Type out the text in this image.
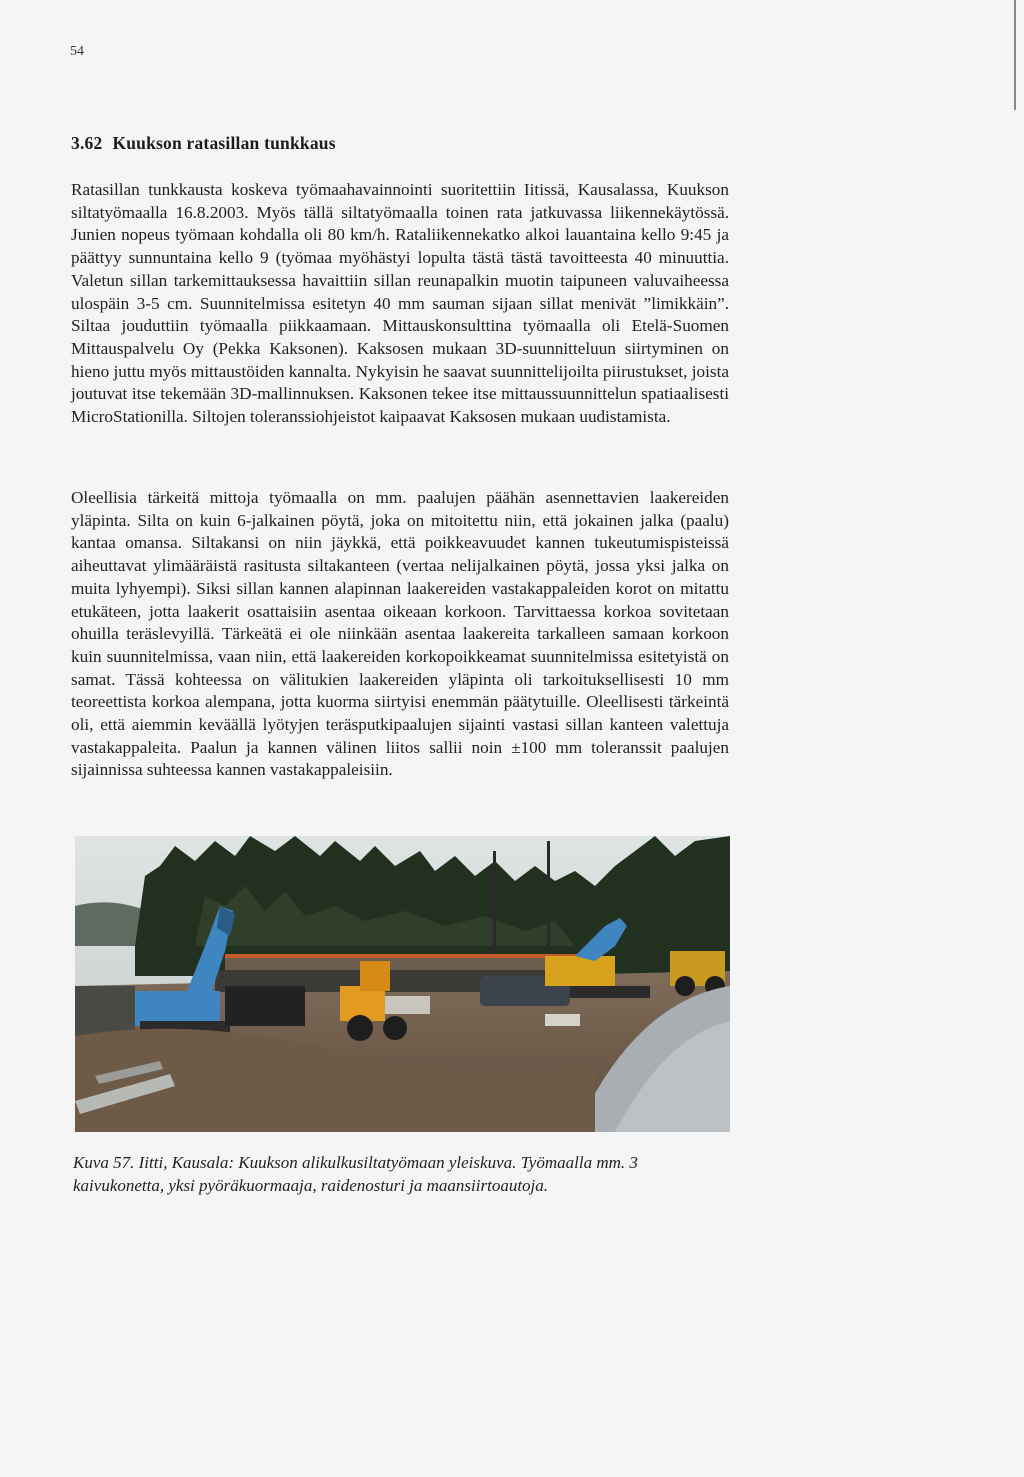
54
3.62 Kuukson ratasillan tunkkaus

Ratasillan tunkkausta koskeva työmaahavainnointi suoritettiin Iitissä, Kausalassa, Kuukson siltatyömaalla 16.8.2003. Myös tällä siltatyömaalla toinen rata jatkuvassa liikennekäytössä. Junien nopeus työmaan kohdalla oli 80 km/h. Rataliikennekatko alkoi lauantaina kello 9:45 ja päättyy sunnuntaina kello 9 (työmaa myöhästyi lopulta tästä tästä tavoitteesta 40 minuuttia. Valetun sillan tarkemittauksessa havaittiin sillan reunapalkin muotin taipuneen valuvaiheessa ulospäin 3-5 cm. Suunnitelmissa esitetyn 40 mm sauman sijaan sillat menivät ”limikkäin”. Siltaa jouduttiin työmaalla piikkaamaan. Mittauskonsulttina työmaalla oli Etelä-Suomen Mittauspalvelu Oy (Pekka Kaksonen). Kaksosen mukaan 3D-suunnitteluun siirtyminen on hieno juttu myös mittaustöiden kannalta. Nykyisin he saavat suunnittelijoilta piirustukset, joista joutuvat itse tekemään 3D-mallinnuksen. Kaksonen tekee itse mittaussuunnittelun spatiaalisesti MicroStationilla. Siltojen toleranssiohjeistot kaipaavat Kaksosen mukaan uudistamista.

Oleellisia tärkeitä mittoja työmaalla on mm. paalujen päähän asennettavien laakereiden yläpinta. Silta on kuin 6-jalkainen pöytä, joka on mitoitettu niin, että jokainen jalka (paalu) kantaa omansa. Siltakansi on niin jäykkä, että poikkeavuudet kannen tukeutumispisteissä aiheuttavat ylimääräistä rasitusta siltakanteen (vertaa nelijalkainen pöytä, jossa yksi jalka on muita lyhyempi). Siksi sillan kannen alapinnan laakereiden vastakappaleiden korot on mitattu etukäteen, jotta laakerit osattaisiin asentaa oikeaan korkoon. Tarvittaessa korkoa sovitetaan ohuilla teräslevyillä. Tärkeätä ei ole niinkään asentaa laakereita tarkalleen samaan korkoon kuin suunnitelmissa, vaan niin, että laakereiden korkopoikkeamat suunnitelmissa esitetyistä on samat. Tässä kohteessa on välitukien laakereiden yläpinta oli tarkoituksellisesti 10 mm teoreettista korkoa alempana, jotta kuorma siirtyisi enemmän päätytuille. Oleellisesti tärkeintä oli, että aiemmin keväällä lyötyjen teräsputkipaalujen sijainti vastasi sillan kanteen valettuja vastakappaleita. Paalun ja kannen välinen liitos sallii noin ±100 mm toleranssit paalujen sijainnissa suhteessa kannen vastakappaleisiin.

Kuva 57. Iitti, Kausala: Kuukson alikulkusiltatyömaan yleiskuva. Työmaalla mm. 3 kaivukonetta, yksi pyöräkuormaaja, raidenosturi ja maansiirtoautoja.
